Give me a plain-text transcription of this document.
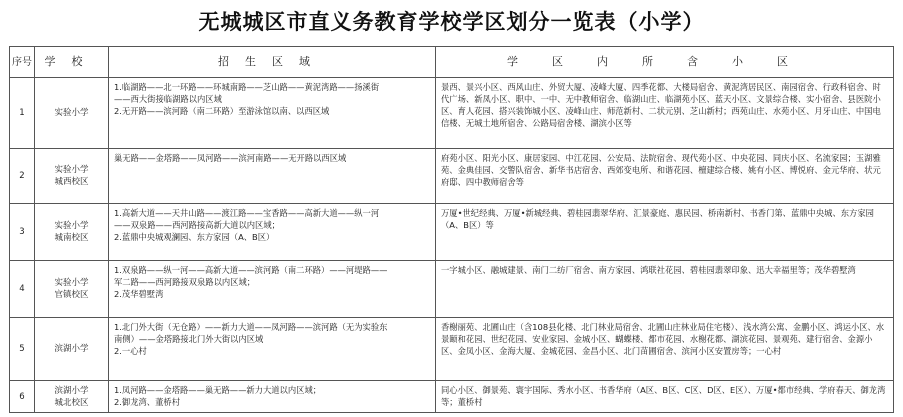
无城城区市直义务教育学校学区划分一览表（小学）
序号	学校	招生区域	学区内所含小区
1	实验小学	1.临湖路——北一环路——环城南路——芝山路——黄泥湾路——扬溪街
——西大街接临湖路以内区域
2.无开路——滨河路（南二环路）至游泳馆以南、以西区域	景西、景兴小区、西风山庄、外贸大厦、凌峰大厦、四季花都、大楼局宿舍、黄泥湾居民区、南园宿舍、行政科宿舍、时代广场、新凤小区、职中、一中、无中教师宿舍、临湖山庄、临湖苑小区、蓝天小区、文景综合楼、实小宿舍、县医院小区、育人花园、搭兴装饰城小区、凌峰山庄、师范新村、二状元别、芝山新村；西苑山庄、水苑小区、月牙山庄、中国电信楼、无城土地所宿舍、公路局宿舍楼、湖滨小区等
2	实验小学
城西校区	巢无路——金塔路——凤河路——滨河南路——无开路以西区域	府苑小区、阳光小区、康居家园、中江花园、公安局、法院宿舍、现代苑小区、中央花园、同庆小区、名流家园；玉湖雅苑、金典佳园、交警队宿舍、新华书店宿舍、西郊变电所、和谐花园、檀建综合楼、姚有小区、博悦府、金元华府、状元府邸、四中教师宿舍等
3	实验小学
城南校区	1.高新大道——天井山路——渡江路——宝香路——高新大道——纵一河
——双泉路——西河路接高新大道以内区域；
2.蓝鼎中央城观澜园、东方家园（A、B区）	万厦•世纪经典、万厦•新城经典、碧桂园翡翠华府、汇景豪庭、惠民园、桥南新村、书香门第、蓝鼎中央城、东方家园（A、B区）等
4	实验小学
官镇校区	1.双泉路——纵一河——高新大道——滨河路（南二环路）——河堤路——
军二路——西河路接双泉路以内区域；
2.茂华碧墅湾	一字城小区、融城建景、南门二纺厂宿舍、南方家园、鸿联社花园、碧桂园翡翠印象、迅大幸福里等；茂华碧墅湾
5	滨湖小学	1.北门外大街（无仓路）——新力大道——凤河路——滨河路（无为实验东
南侧）——金塔路接北门外大街以内区域
2.一心村	香榭丽苑、北圃山庄（含108县化楼、北门林业局宿舍、北圃山庄林业局住宅楼）、浅水湾公寓、金鹏小区、鸿运小区、水景颐和花园、世纪花园、安业家园、金城小区、蝴蝶楼、都市花园、水榭花都、湖滨花园、景观苑、建行宿舍、金源小区、金凤小区、金海大厦、金城花园、金昌小区、北门苗圃宿舍、滨河小区安置房等；一心村
6	滨湖小学
城北校区	1.凤河路——金塔路——巢无路——新力大道以内区域；
2.御龙湾、董桥村	同心小区、御景苑、寰宇国际、秀水小区、书香华府（A区、B区、C区、D区、E区）、万厦•都市经典、学府春天、御龙湾等；董桥村
